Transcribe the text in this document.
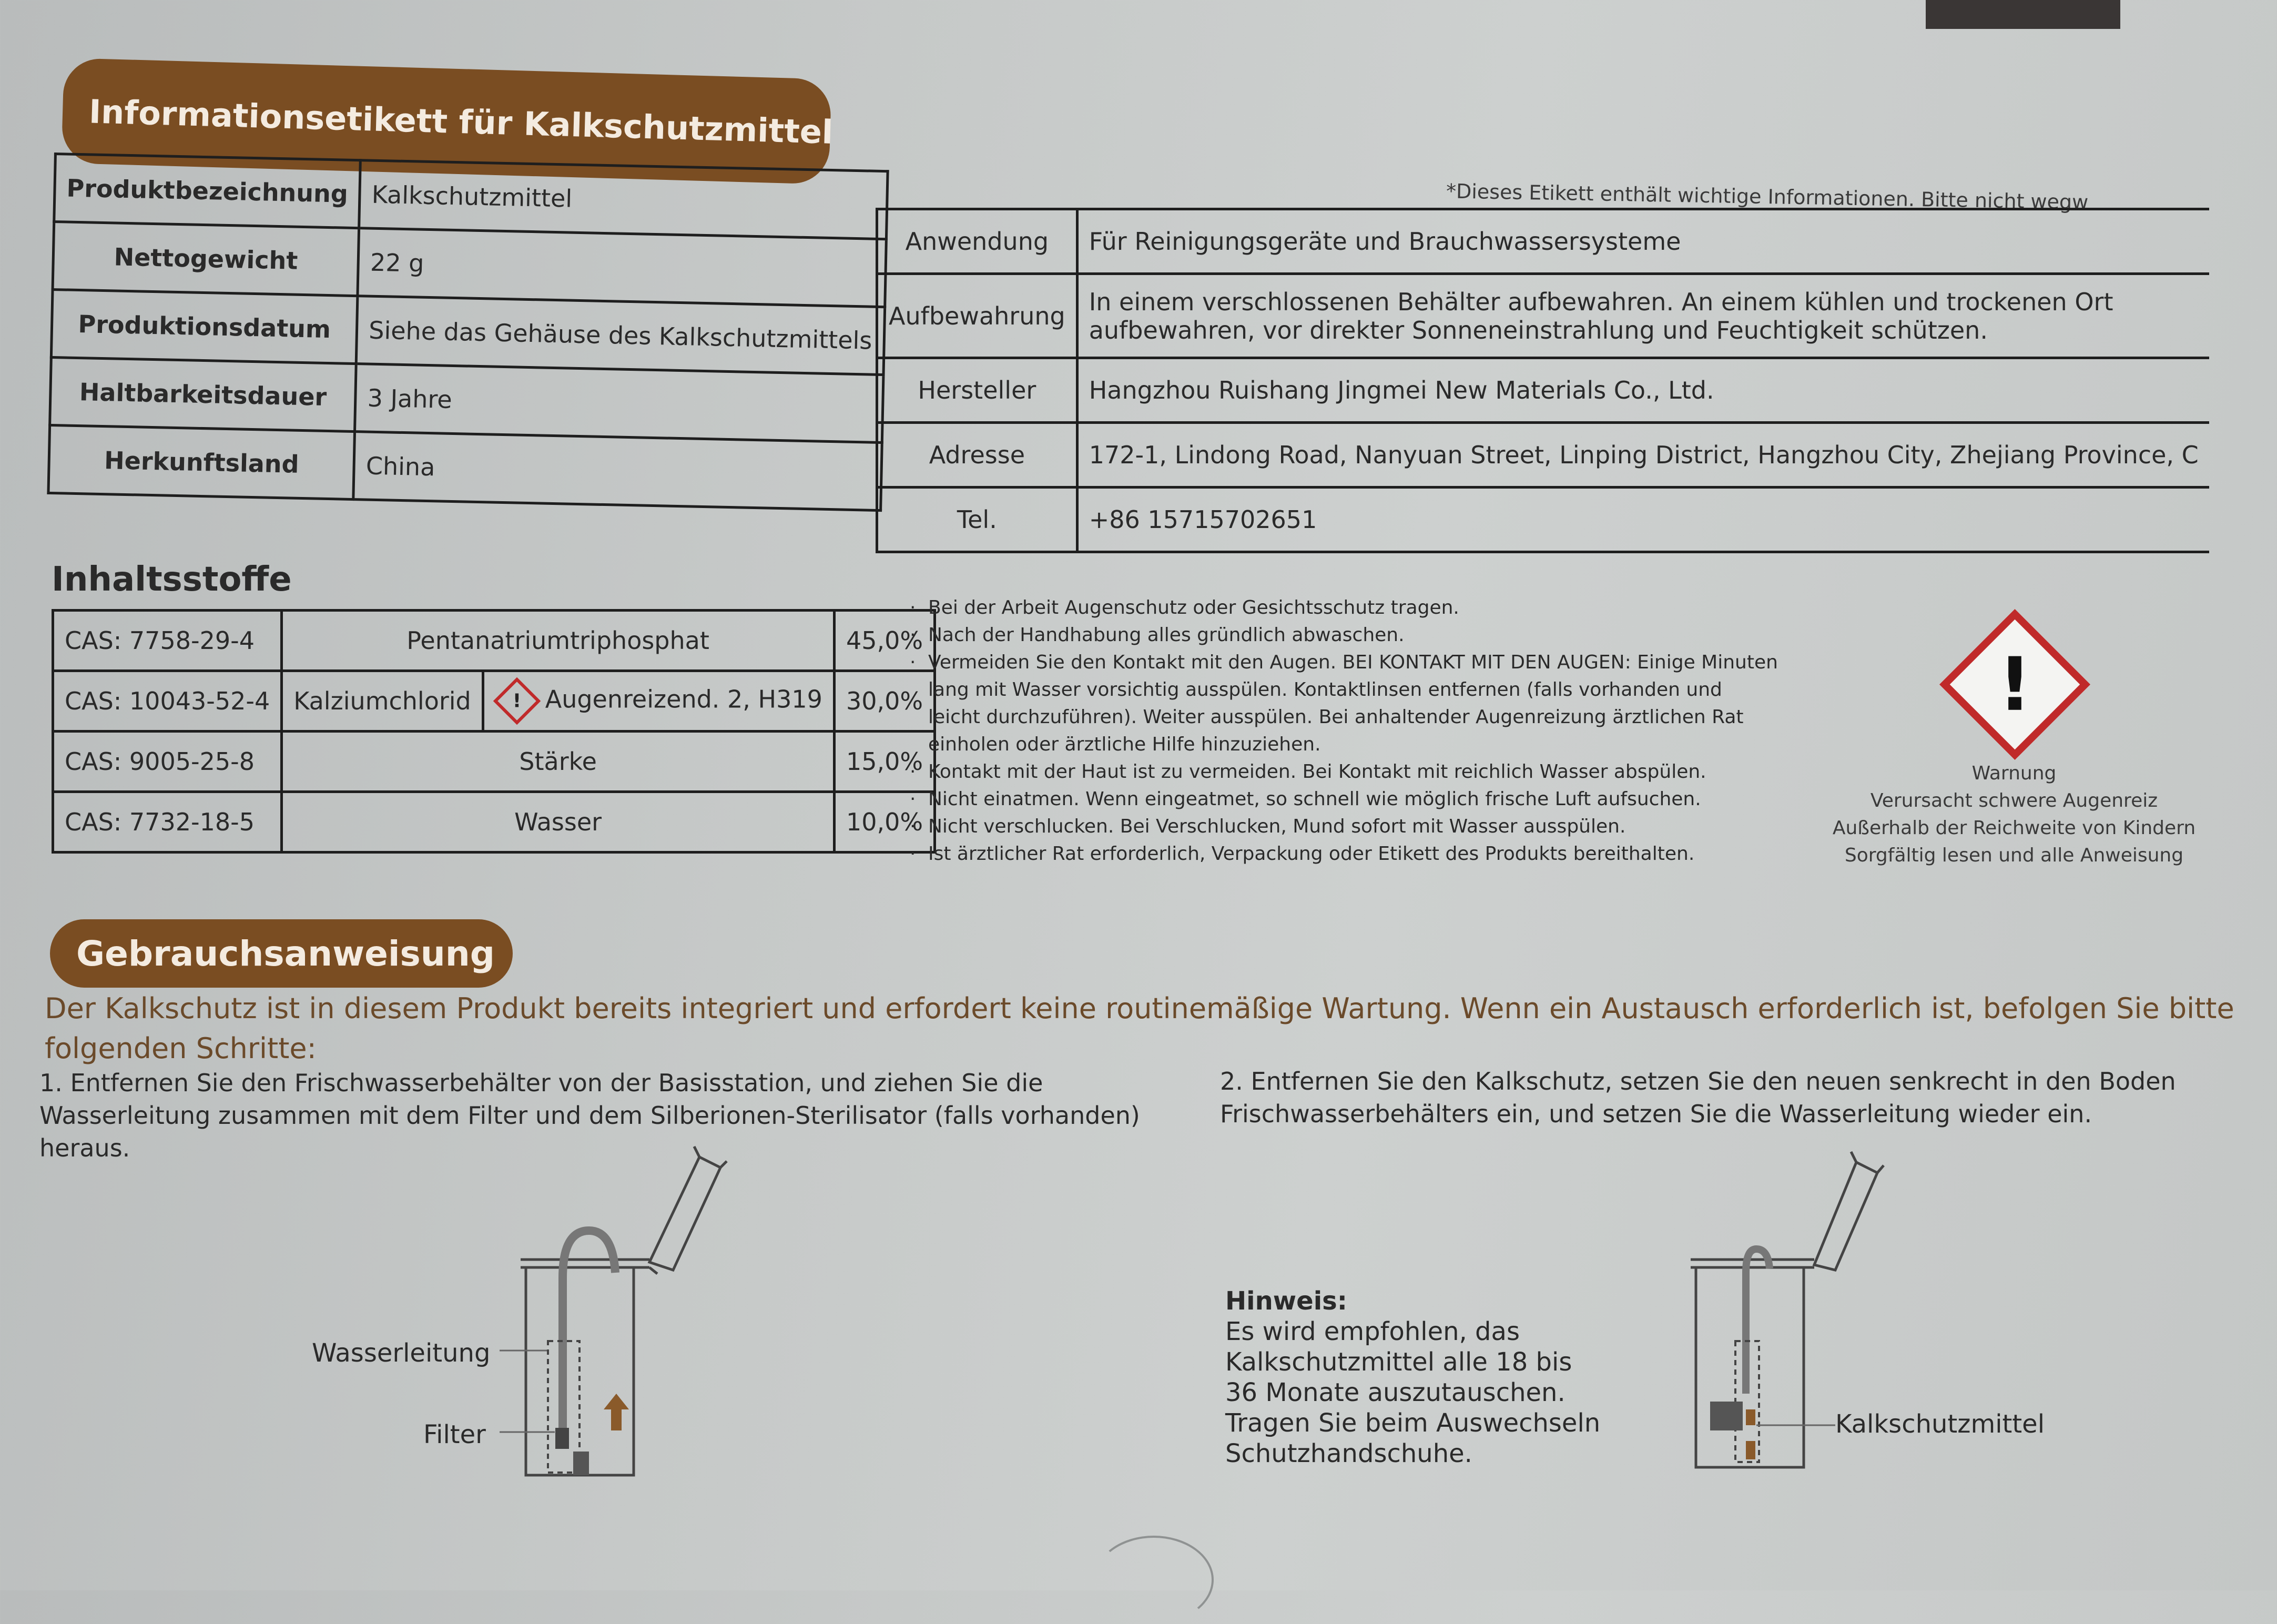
Informationsetikett für Kalkschutzmittel
*Dieses Etikett enthält wichtige Informationen. Bitte nicht wegw
Produktbezeichnung	Kalkschutzmittel
Nettogewicht	22 g
Produktionsdatum	Siehe das Gehäuse des Kalkschutzmittels
Haltbarkeitsdauer	3 Jahre
Herkunftsland	China
Anwendung	Für Reinigungsgeräte und Brauchwassersysteme
Aufbewahrung	In einem verschlossenen Behälter aufbewahren. An einem kühlen und trockenen Ort
aufbewahren, vor direkter Sonneneinstrahlung und Feuchtigkeit schützen.

Hersteller	Hangzhou Ruishang Jingmei New Materials Co., Ltd.
Adresse	172-1, Lindong Road, Nanyuan Street, Linping District, Hangzhou City, Zhejiang Province, C
Tel.	+86 15715702651
Inhaltsstoffe
CAS: 7758-29-4	Pentanatriumtriphosphat		45,0%
CAS: 10043-52-4	Kalziumchlorid	! Augenreizend. 2, H319	30,0%
CAS: 9005-25-8	Stärke		15,0%
CAS: 7732-18-5	Wasser		10,0%
· Bei der Arbeit Augenschutz oder Gesichtsschutz tragen.
· Nach der Handhabung alles gründlich abwaschen.
· Vermeiden Sie den Kontakt mit den Augen. BEI KONTAKT MIT DEN AUGEN: Einige Minuten
lang mit Wasser vorsichtig ausspülen. Kontaktlinsen entfernen (falls vorhanden und
leicht durchzuführen). Weiter ausspülen. Bei anhaltender Augenreizung ärztlichen Rat
einholen oder ärztliche Hilfe hinzuziehen.
· Kontakt mit der Haut ist zu vermeiden. Bei Kontakt mit reichlich Wasser abspülen.
· Nicht einatmen. Wenn eingeatmet, so schnell wie möglich frische Luft aufsuchen.
· Nicht verschlucken. Bei Verschlucken, Mund sofort mit Wasser ausspülen.
· Ist ärztlicher Rat erforderlich, Verpackung oder Etikett des Produkts bereithalten.
!
Warnung
Verursacht schwere Augenreiz
Außerhalb der Reichweite von Kindern
Sorgfältig lesen und alle Anweisung
Gebrauchsanweisung
Der Kalkschutz ist in diesem Produkt bereits integriert und erfordert keine routinemäßige Wartung. Wenn ein Austausch erforderlich ist, befolgen Sie bitte
folgenden Schritte:
1. Entfernen Sie den Frischwasserbehälter von der Basisstation, und ziehen Sie die
Wasserleitung zusammen mit dem Filter und dem Silberionen-Sterilisator (falls vorhanden)
heraus.
2. Entfernen Sie den Kalkschutz, setzen Sie den neuen senkrecht in den Boden
Frischwasserbehälters ein, und setzen Sie die Wasserleitung wieder ein.
Hinweis:
Es wird empfohlen, das
Kalkschutzmittel alle 18 bis
36 Monate auszutauschen.
Tragen Sie beim Auswechseln
Schutzhandschuhe.
Wasserleitung
Filter	Kalkschutzmittel
